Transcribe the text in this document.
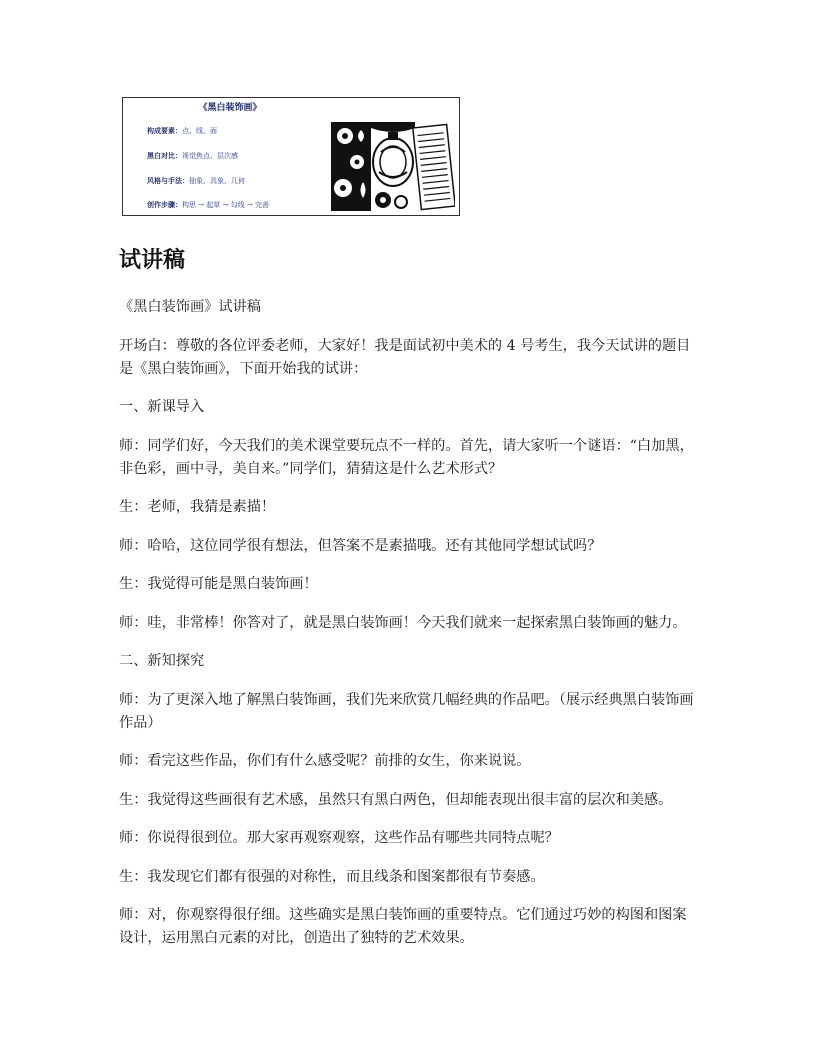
《黑白装饰画》
构成要素：点、线、面
黑白对比：视觉焦点、层次感
风格与手法：抽象、具象、几何
创作步骤：构思 → 起草 → 勾线 → 完善
试讲稿

《黑白装饰画》试讲稿

开场白：尊敬的各位评委老师，大家好！我是面试初中美术的 4 号考生，我今天试讲的题目是《黑白装饰画》，下面开始我的试讲：

一、新课导入

师：同学们好，今天我们的美术课堂要玩点不一样的。首先，请大家听一个谜语：“白加黑，非色彩，画中寻，美自来。”同学们，猜猜这是什么艺术形式？

生：老师，我猜是素描！

师：哈哈，这位同学很有想法，但答案不是素描哦。还有其他同学想试试吗？

生：我觉得可能是黑白装饰画！

师：哇，非常棒！你答对了，就是黑白装饰画！今天我们就来一起探索黑白装饰画的魅力。

二、新知探究

师：为了更深入地了解黑白装饰画，我们先来欣赏几幅经典的作品吧。（展示经典黑白装饰画作品）

师：看完这些作品，你们有什么感受呢？前排的女生，你来说说。

生：我觉得这些画很有艺术感，虽然只有黑白两色，但却能表现出很丰富的层次和美感。

师：你说得很到位。那大家再观察观察，这些作品有哪些共同特点呢？

生：我发现它们都有很强的对称性，而且线条和图案都很有节奏感。

师：对，你观察得很仔细。这些确实是黑白装饰画的重要特点。它们通过巧妙的构图和图案设计，运用黑白元素的对比，创造出了独特的艺术效果。
